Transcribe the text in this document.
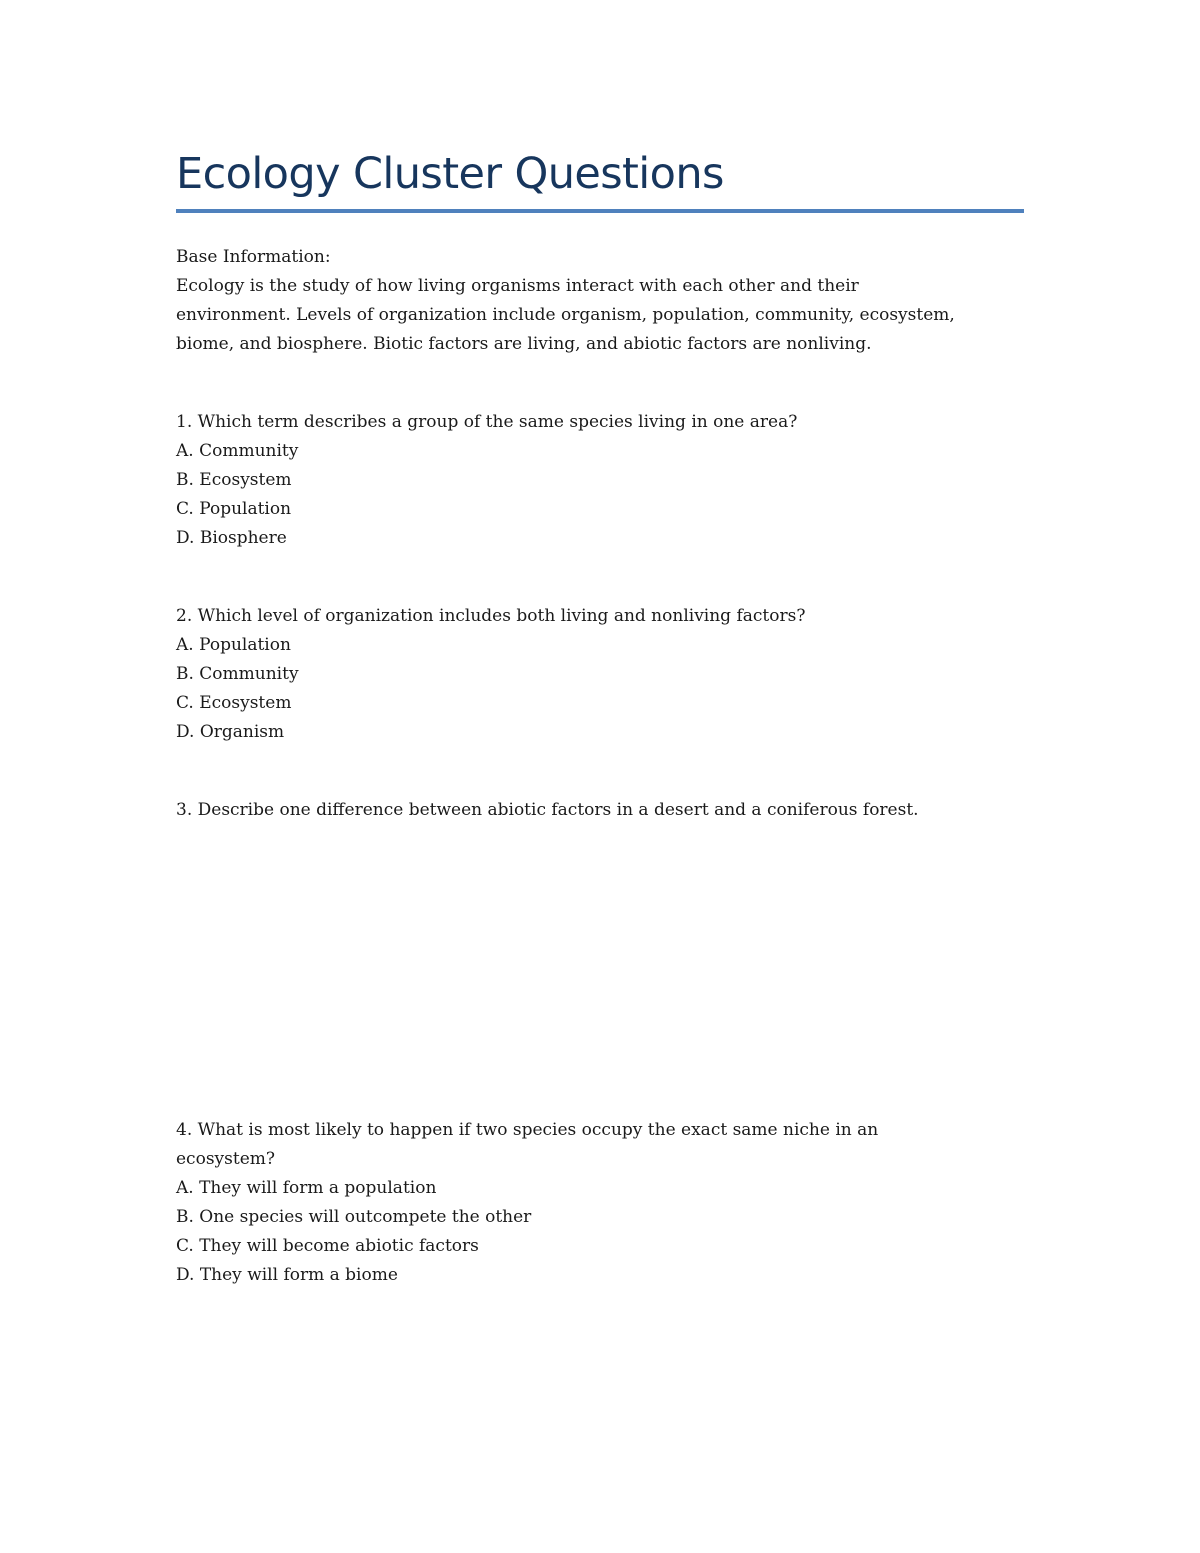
Ecology Cluster Questions
Base Information:
Ecology is the study of how living organisms interact with each other and their
environment. Levels of organization include organism, population, community, ecosystem,
biome, and biosphere. Biotic factors are living, and abiotic factors are nonliving.
1. Which term describes a group of the same species living in one area?
A. Community
B. Ecosystem
C. Population
D. Biosphere
2. Which level of organization includes both living and nonliving factors?
A. Population
B. Community
C. Ecosystem
D. Organism
3. Describe one difference between abiotic factors in a desert and a coniferous forest.
4. What is most likely to happen if two species occupy the exact same niche in an
ecosystem?
A. They will form a population
B. One species will outcompete the other
C. They will become abiotic factors
D. They will form a biome
